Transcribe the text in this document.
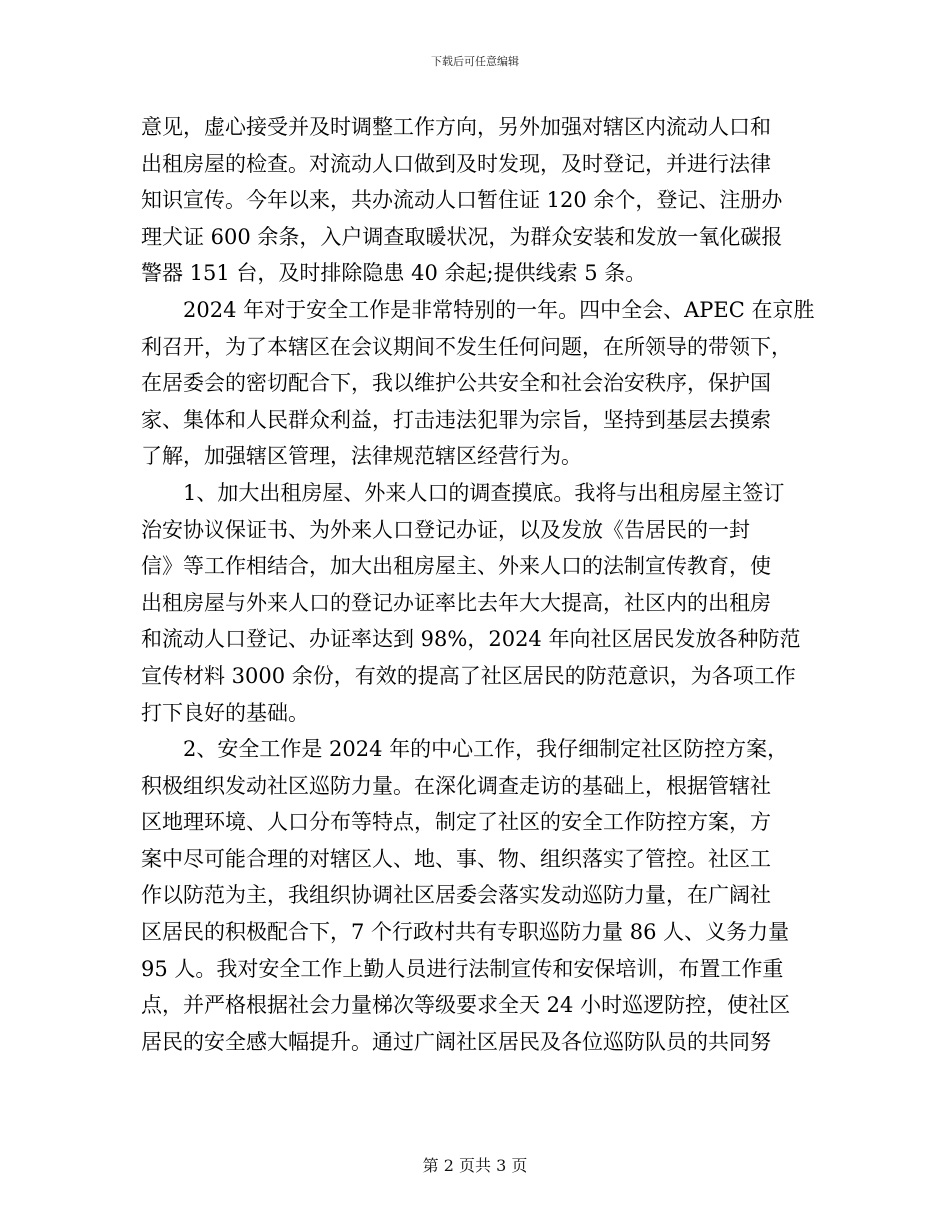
下载后可任意编辑
意见，虚心接受并及时调整工作方向，另外加强对辖区内流动人口和
出租房屋的检查。对流动人口做到及时发现，及时登记，并进行法律
知识宣传。今年以来，共办流动人口暂住证 120 余个，登记、注册办
理犬证 600 余条，入户调查取暖状况，为群众安装和发放一氧化碳报
警器 151 台，及时排除隐患 40 余起;提供线索 5 条。
2024 年对于安全工作是非常特别的一年。四中全会、APEC 在京胜
利召开，为了本辖区在会议期间不发生任何问题，在所领导的带领下，
在居委会的密切配合下，我以维护公共安全和社会治安秩序，保护国
家、集体和人民群众利益，打击违法犯罪为宗旨，坚持到基层去摸索
了解，加强辖区管理，法律规范辖区经营行为。
1、加大出租房屋、外来人口的调查摸底。我将与出租房屋主签订
治安协议保证书、为外来人口登记办证，以及发放《告居民的一封
信》等工作相结合，加大出租房屋主、外来人口的法制宣传教育，使
出租房屋与外来人口的登记办证率比去年大大提高，社区内的出租房
和流动人口登记、办证率达到 98%，2024 年向社区居民发放各种防范
宣传材料 3000 余份，有效的提高了社区居民的防范意识，为各项工作
打下良好的基础。
2、安全工作是 2024 年的中心工作，我仔细制定社区防控方案，
积极组织发动社区巡防力量。在深化调查走访的基础上，根据管辖社
区地理环境、人口分布等特点，制定了社区的安全工作防控方案，方
案中尽可能合理的对辖区人、地、事、物、组织落实了管控。社区工
作以防范为主，我组织协调社区居委会落实发动巡防力量，在广阔社
区居民的积极配合下，7 个行政村共有专职巡防力量 86 人、义务力量
95 人。我对安全工作上勤人员进行法制宣传和安保培训，布置工作重
点，并严格根据社会力量梯次等级要求全天 24 小时巡逻防控，使社区
居民的安全感大幅提升。通过广阔社区居民及各位巡防队员的共同努
第 2 页共 3 页
